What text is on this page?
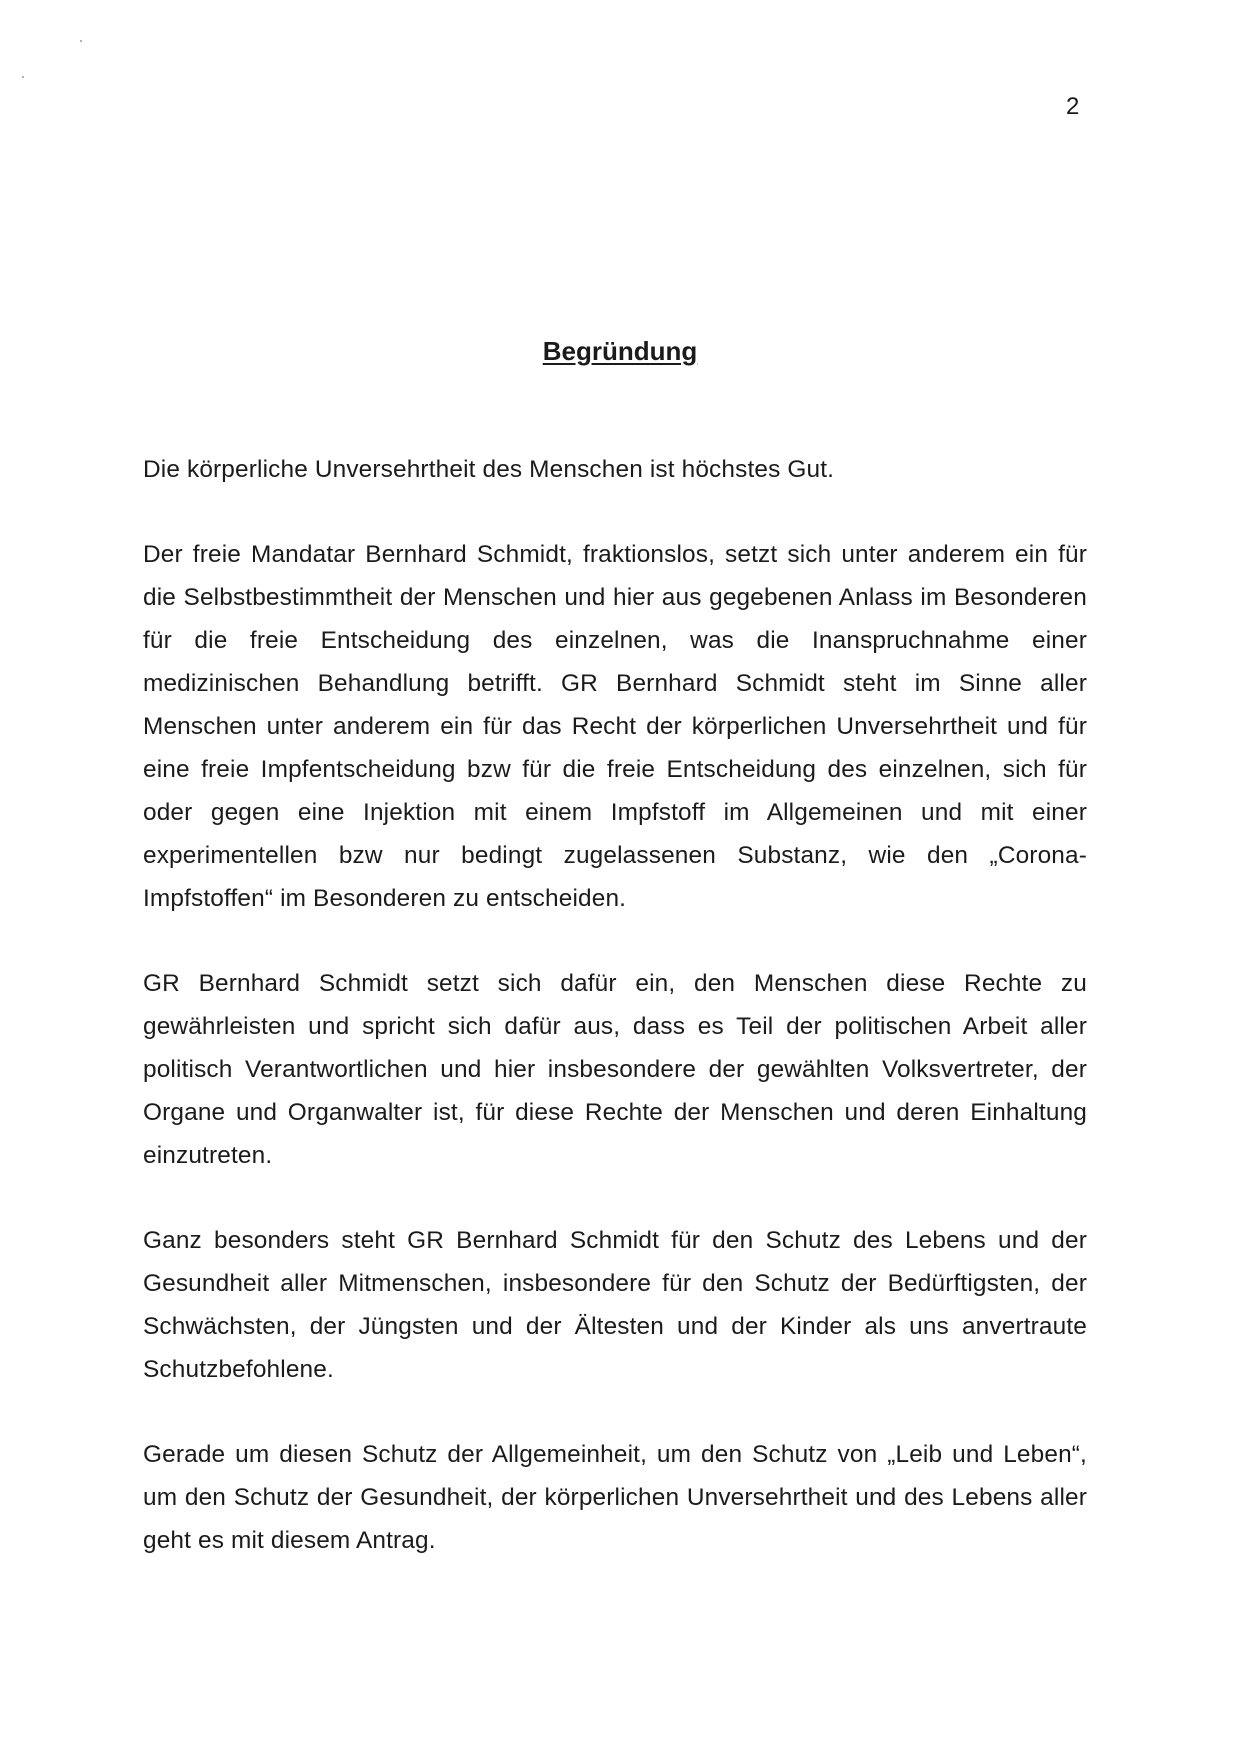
2
Begründung

Die körperliche Unversehrtheit des Menschen ist höchstes Gut.

Der freie Mandatar Bernhard Schmidt, fraktionslos, setzt sich unter anderem ein für die Selbstbestimmtheit der Menschen und hier aus gegebenen Anlass im Besonderen für die freie Entscheidung des einzelnen, was die Inanspruchnahme einer medizinischen Behandlung betrifft. GR Bernhard Schmidt steht im Sinne aller Menschen unter anderem ein für das Recht der körperlichen Unversehrtheit und für eine freie Impfentscheidung bzw für die freie Entscheidung des einzelnen, sich für oder gegen eine Injektion mit einem Impfstoff im Allgemeinen und mit einer experimentellen bzw nur bedingt zugelassenen Substanz, wie den „Corona-Impfstoffen“ im Besonderen zu entscheiden.

GR Bernhard Schmidt setzt sich dafür ein, den Menschen diese Rechte zu gewährleisten und spricht sich dafür aus, dass es Teil der politischen Arbeit aller politisch Verantwortlichen und hier insbesondere der gewählten Volksvertreter, der Organe und Organwalter ist, für diese Rechte der Menschen und deren Einhaltung einzutreten.

Ganz besonders steht GR Bernhard Schmidt für den Schutz des Lebens und der Gesundheit aller Mitmenschen, insbesondere für den Schutz der Bedürftigsten, der Schwächsten, der Jüngsten und der Ältesten und der Kinder als uns anvertraute Schutzbefohlene.

Gerade um diesen Schutz der Allgemeinheit, um den Schutz von „Leib und Leben“, um den Schutz der Gesundheit, der körperlichen Unversehrtheit und des Lebens aller geht es mit diesem Antrag.
